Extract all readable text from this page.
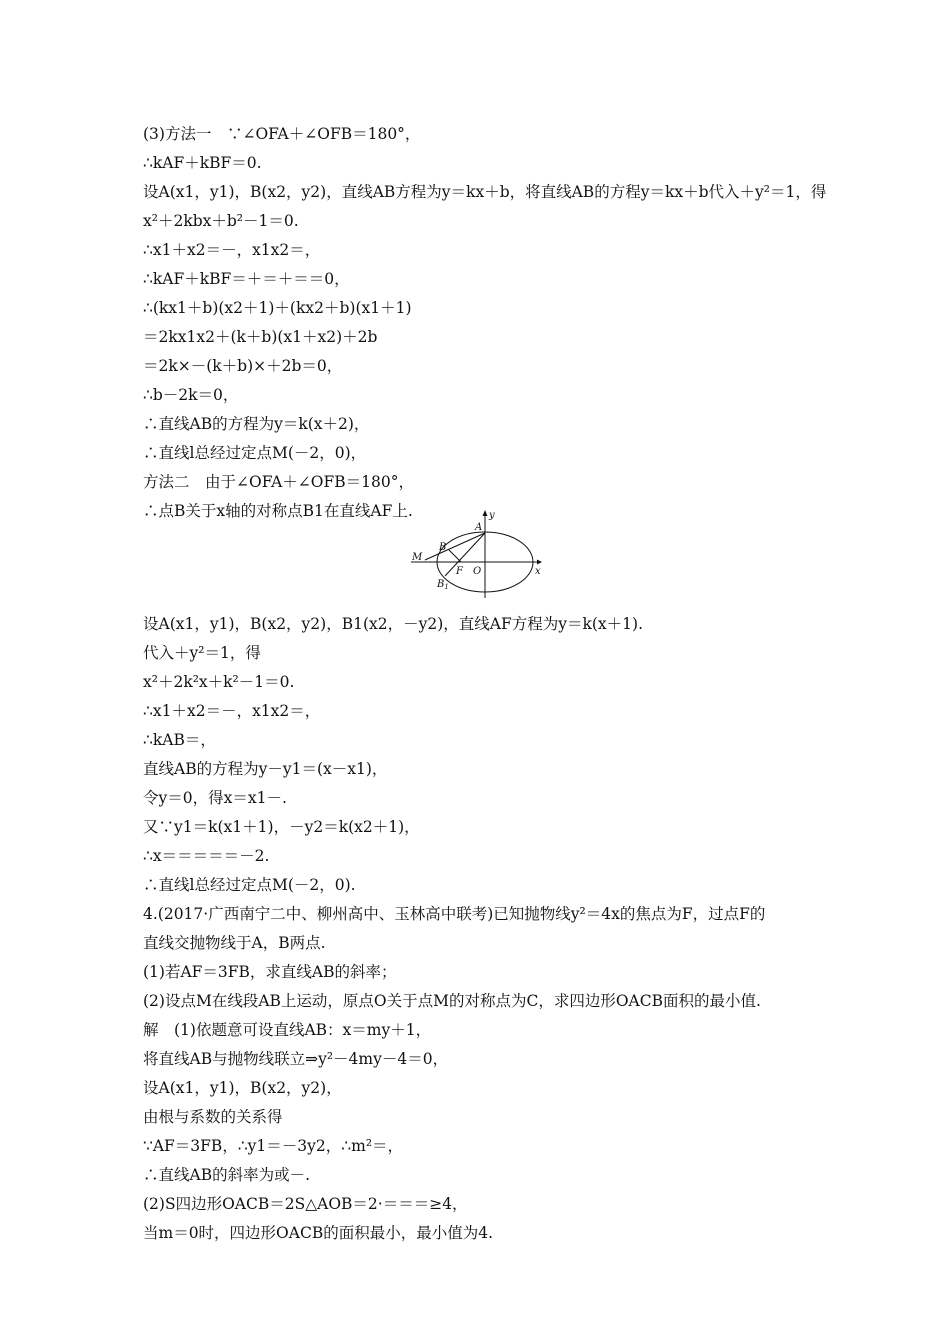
(3)方法一　∵∠OFA＋∠OFB＝180°，
∴kAF＋kBF＝0.
设A(x1，y1)，B(x2，y2)，直线AB方程为y＝kx＋b，将直线AB的方程y＝kx＋b代入＋y²＝1，得
x²＋2kbx＋b²－1＝0.
∴x1＋x2＝－，x1x2＝，
∴kAF＋kBF＝＋＝＋＝＝0，
∴(kx1＋b)(x2＋1)＋(kx2＋b)(x1＋1)
＝2kx1x2＋(k＋b)(x1＋x2)＋2b
＝2k×－(k＋b)×＋2b＝0，
∴b－2k＝0，
∴直线AB的方程为y＝k(x＋2)，
∴直线l总经过定点M(－2，0)，
方法二　由于∠OFA＋∠OFB＝180°，
∴点B关于x轴的对称点B1在直线AF上.
设A(x1，y1)，B(x2，y2)，B1(x2，－y2)，直线AF方程为y＝k(x＋1).
代入＋y²＝1，得
x²＋2k²x＋k²－1＝0.
∴x1＋x2＝－，x1x2＝，
∴kAB＝，
直线AB的方程为y－y1＝(x－x1)，
令y＝0，得x＝x1－.
又∵y1＝k(x1＋1)，－y2＝k(x2＋1)，
∴x＝＝＝＝＝－2.
∴直线l总经过定点M(－2，0).
4.(2017·广西南宁二中、柳州高中、玉林高中联考)已知抛物线y²＝4x的焦点为F，过点F的
直线交抛物线于A，B两点.
(1)若AF＝3FB，求直线AB的斜率；
(2)设点M在线段AB上运动，原点O关于点M的对称点为C，求四边形OACB面积的最小值.
解　(1)依题意可设直线AB：x＝my＋1，
将直线AB与抛物线联立⇒y²－4my－4＝0，
设A(x1，y1)，B(x2，y2)，
由根与系数的关系得
∵AF＝3FB，∴y1＝－3y2，∴m²＝，
∴直线AB的斜率为或－.
(2)S四边形OACB＝2S△AOB＝2·＝＝＝≥4，
当m＝0时，四边形OACB的面积最小，最小值为4.
y
x
A
B
M
F O
$B_1$
